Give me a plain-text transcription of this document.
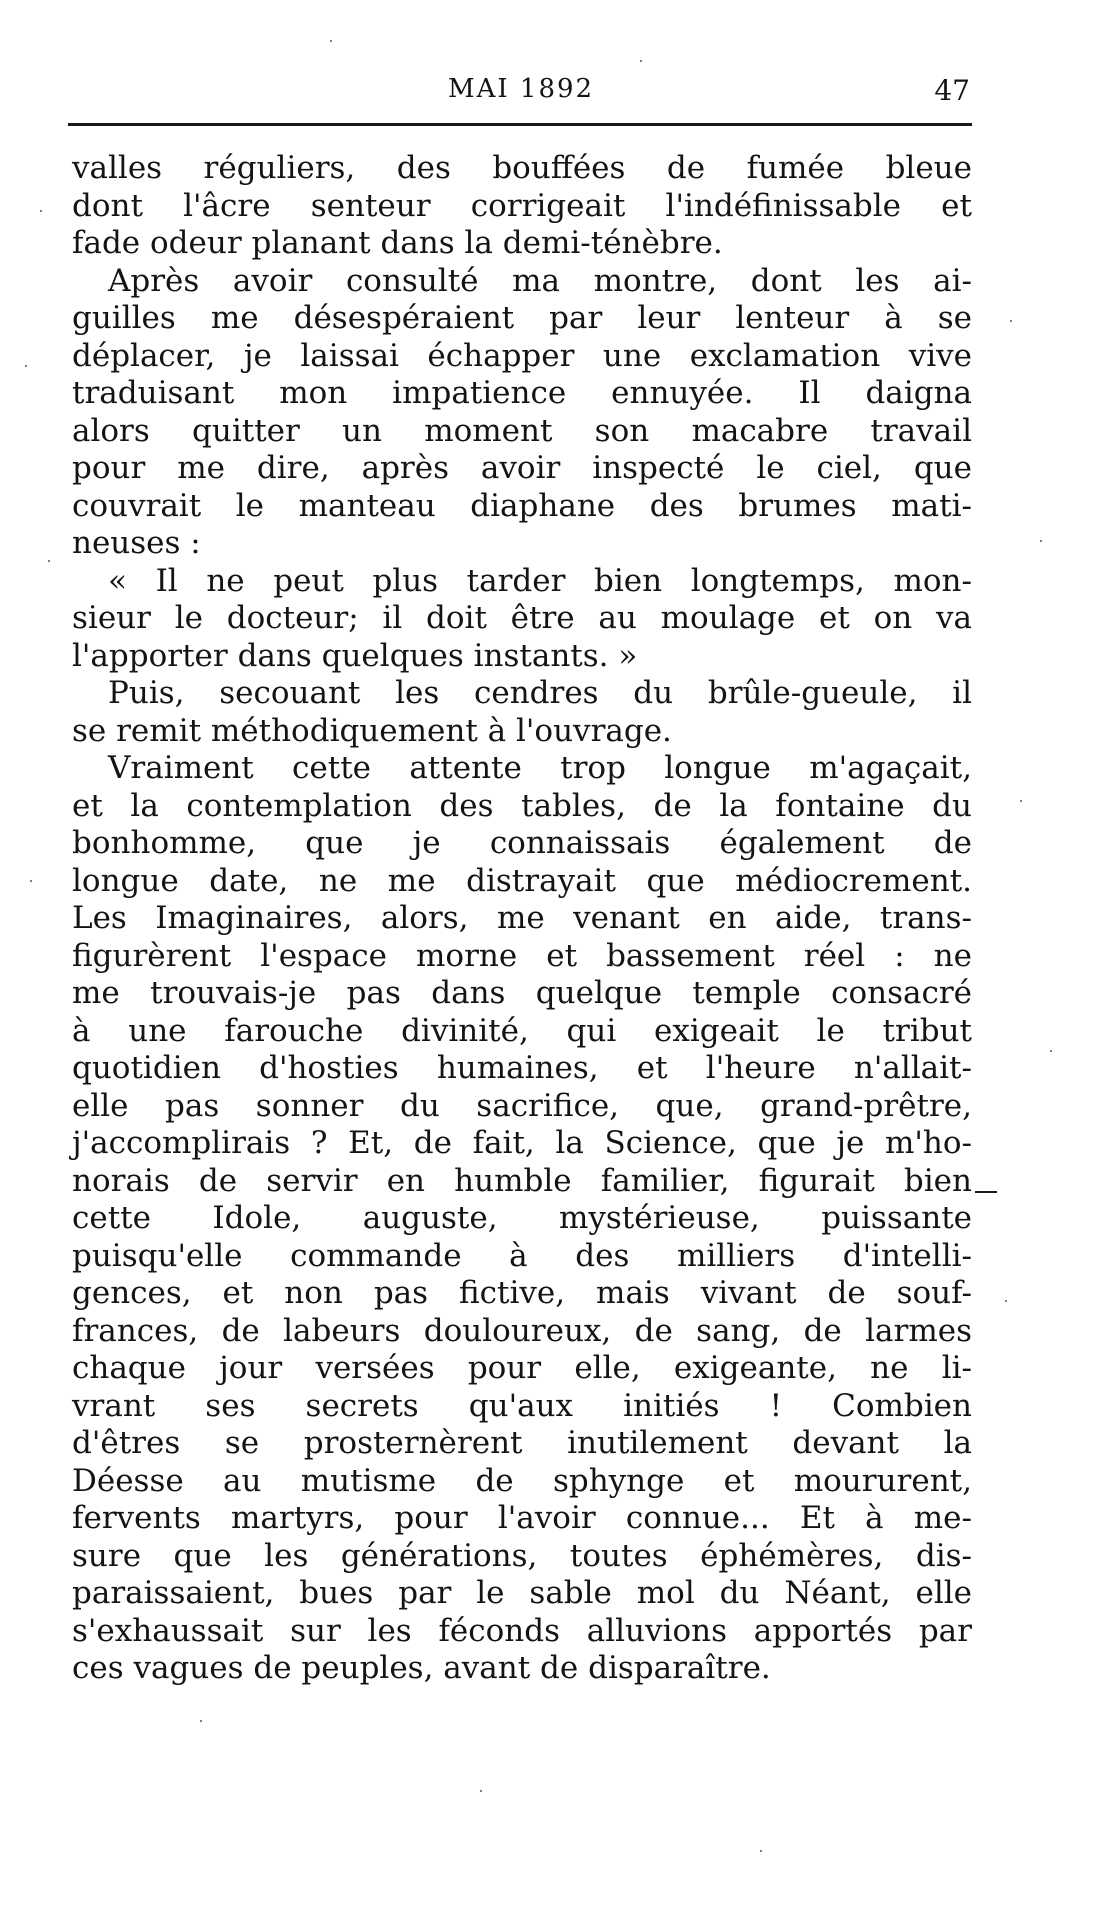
MAI 1892	47
valles réguliers, des bouffées de fumée bleue
dont l'âcre senteur corrigeait l'indéfinissable et
fade odeur planant dans la demi-ténèbre.
Après avoir consulté ma montre, dont les ai-
guilles me désespéraient par leur lenteur à se
déplacer, je laissai échapper une exclamation vive
traduisant mon impatience ennuyée. Il daigna
alors quitter un moment son macabre travail
pour me dire, après avoir inspecté le ciel, que
couvrait le manteau diaphane des brumes mati-
neuses :
« Il ne peut plus tarder bien longtemps, mon-
sieur le docteur; il doit être au moulage et on va
l'apporter dans quelques instants. »
Puis, secouant les cendres du brûle-gueule, il
se remit méthodiquement à l'ouvrage.
Vraiment cette attente trop longue m'agaçait,
et la contemplation des tables, de la fontaine du
bonhomme, que je connaissais également de
longue date, ne me distrayait que médiocrement.
Les Imaginaires, alors, me venant en aide, trans-
figurèrent l'espace morne et bassement réel : ne
me trouvais-je pas dans quelque temple consacré
à une farouche divinité, qui exigeait le tribut
quotidien d'hosties humaines, et l'heure n'allait-
elle pas sonner du sacrifice, que, grand-prêtre,
j'accomplirais ? Et, de fait, la Science, que je m'ho-
norais de servir en humble familier, figurait bien
cette Idole, auguste, mystérieuse, puissante
puisqu'elle commande à des milliers d'intelli-
gences, et non pas fictive, mais vivant de souf-
frances, de labeurs douloureux, de sang, de larmes
chaque jour versées pour elle, exigeante, ne li-
vrant ses secrets qu'aux initiés ! Combien
d'êtres se prosternèrent inutilement devant la
Déesse au mutisme de sphynge et moururent,
fervents martyrs, pour l'avoir connue... Et à me-
sure que les générations, toutes éphémères, dis-
paraissaient, bues par le sable mol du Néant, elle
s'exhaussait sur les féconds alluvions apportés par
ces vagues de peuples, avant de disparaître.
